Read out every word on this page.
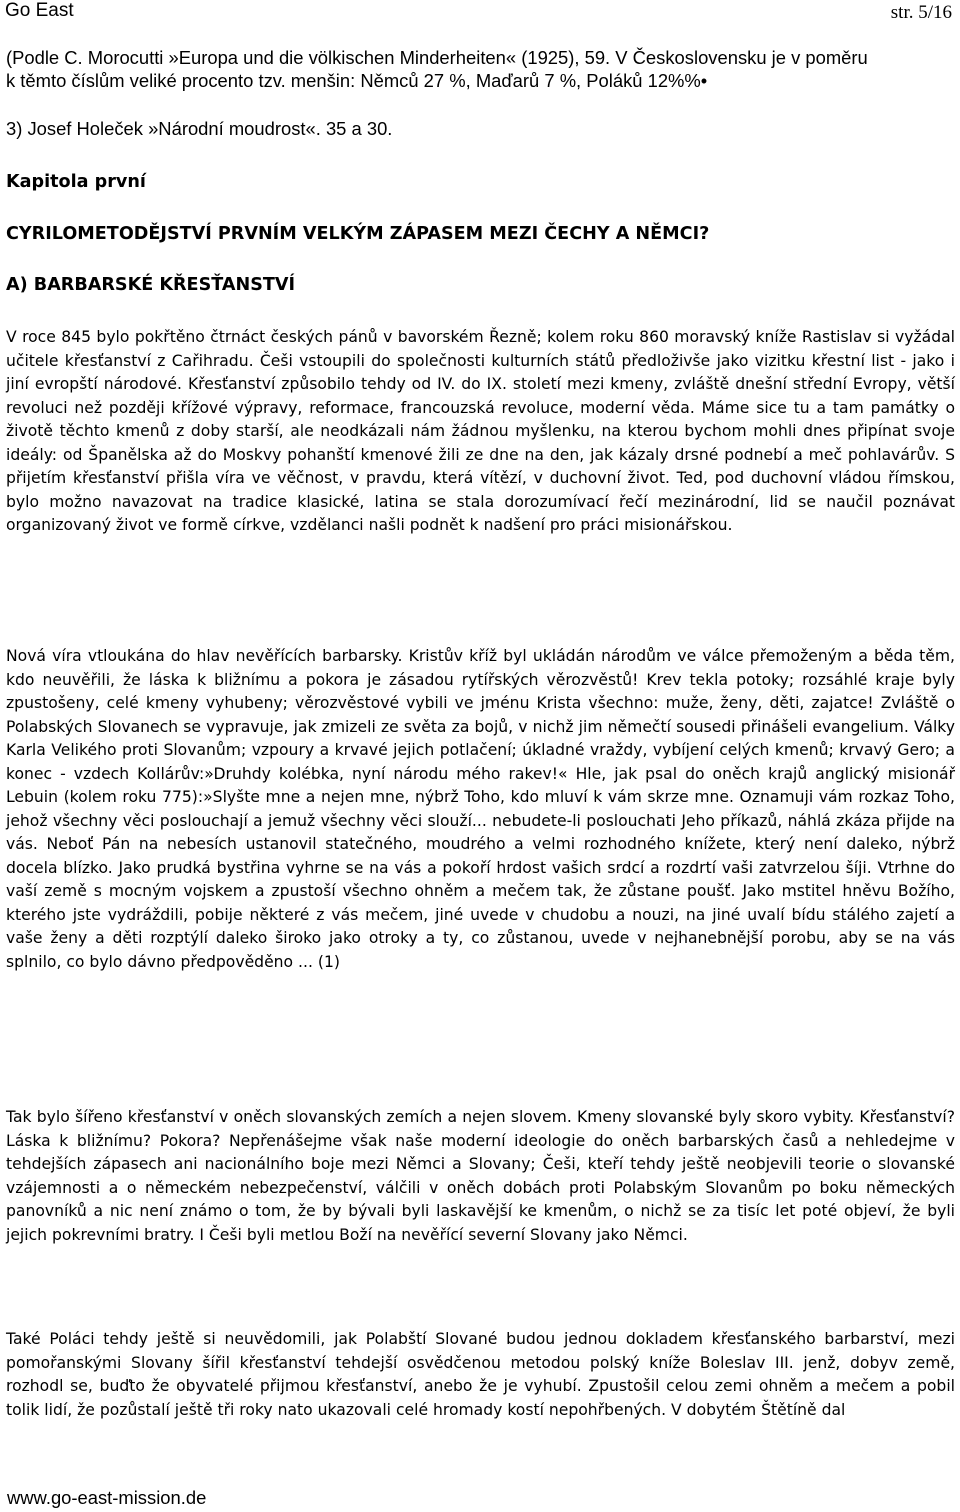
Go East	str. 5/16
(Podle C. Morocutti »Europa und die völkischen Minderheiten« (1925), 59. V Československu je v poměru
k těmto číslům veliké procento tzv. menšin: Němců 27 %, Maďarů 7 %, Poláků 12%%•
3) Josef Holeček »Národní moudrost«. 35 a 30.
Kapitola první
CYRILOMETODĚJSTVÍ PRVNÍM VELKÝM ZÁPASEM MEZI ČECHY A NĚMCI?
A) BARBARSKÉ KŘESŤANSTVÍ

V roce 845 bylo pokřtěno čtrnáct českých pánů v bavorském Řezně; kolem roku 860 moravský kníže Rastislav si vyžádal učitele křesťanství z Cařihradu. Češi vstoupili do společnosti kulturních států předloživše jako vizitku křestní list - jako i jiní evropští národové. Křesťanství způsobilo tehdy od IV. do IX. století mezi kmeny, zvláště dnešní střední Evropy, větší revoluci než později křížové výpravy, reformace, francouzská revoluce, moderní věda. Máme sice tu a tam památky o životě těchto kmenů z doby starší, ale neodkázali nám žádnou myšlenku, na kterou bychom mohli dnes připínat svoje ideály: od Španělska až do Moskvy pohanští kmenové žili ze dne na den, jak kázaly drsné podnebí a meč pohlavárův. S přijetím křesťanství přišla víra ve věčnost, v pravdu, která vítězí, v duchovní život. Ted, pod duchovní vládou římskou, bylo možno navazovat na tradice klasické, latina se stala dorozumívací řečí mezinárodní, lid se naučil poznávat organizovaný život ve formě církve, vzdělanci našli podnět k nadšení pro práci misionářskou.

Nová víra vtloukána do hlav nevěřících barbarsky. Kristův kříž byl ukládán národům ve válce přemoženým a běda těm, kdo neuvěřili, že láska k bližnímu a pokora je zásadou rytířských věrozvěstů! Krev tekla potoky; rozsáhlé kraje byly zpustošeny, celé kmeny vyhubeny; věrozvěstové vybili ve jménu Krista všechno: muže, ženy, děti, zajatce! Zvláště o Polabských Slovanech se vypravuje, jak zmizeli ze světa za bojů, v nichž jim němečtí sousedi přinášeli evangelium. Války Karla Velikého proti Slovanům; vzpoury a krvavé jejich potlačení; úkladné vraždy, vybíjení celých kmenů; krvavý Gero; a konec - vzdech Kollárův:»Druhdy kolébka, nyní národu mého rakev!« Hle, jak psal do oněch krajů anglický misionář Lebuin (kolem roku 775):»Slyšte mne a nejen mne, nýbrž Toho, kdo mluví k vám skrze mne. Oznamuji vám rozkaz Toho, jehož všechny věci poslouchají a jemuž všechny věci slouží... nebudete-li poslouchati Jeho příkazů, náhlá zkáza přijde na vás. Neboť Pán na nebesích ustanovil statečného, moudrého a velmi rozhodného knížete, který není daleko, nýbrž docela blízko. Jako prudká bystřina vyhrne se na vás a pokoří hrdost vašich srdcí a rozdrtí vaši zatvrzelou šíji. Vtrhne do vaší země s mocným vojskem a zpustoší všechno ohněm a mečem tak, že zůstane poušť. Jako mstitel hněvu Božího, kterého jste vydráždili, pobije některé z vás mečem, jiné uvede v chudobu a nouzi, na jiné uvalí bídu stálého zajetí a vaše ženy a děti rozptýlí daleko široko jako otroky a ty, co zůstanou, uvede v nejhanebnější porobu, aby se na vás splnilo, co bylo dávno předpověděno ... (1)

Tak bylo šířeno křesťanství v oněch slovanských zemích a nejen slovem. Kmeny slovanské byly skoro vybity. Křesťanství? Láska k bližnímu? Pokora? Nepřenášejme však naše moderní ideologie do oněch barbarských časů a nehledejme v tehdejších zápasech ani nacionálního boje mezi Němci a Slovany; Češi, kteří tehdy ještě neobjevili teorie o slovanské vzájemnosti a o německém nebezpečenství, válčili v oněch dobách proti Polabským Slovanům po boku německých panovníků a nic není známo o tom, že by bývali byli laskavější ke kmenům, o nichž se za tisíc let poté objeví, že byli jejich pokrevními bratry. I Češi byli metlou Boží na nevěřící severní Slovany jako Němci.

Také Poláci tehdy ještě si neuvědomili, jak Polabští Slované budou jednou dokladem křesťanského barbarství, mezi pomořanskými Slovany šířil křesťanství tehdejší osvědčenou metodou polský kníže Boleslav III. jenž, dobyv země, rozhodl se, buďto že obyvatelé přijmou křesťanství, anebo že je vyhubí. Zpustošil celou zemi ohněm a mečem a pobil tolik lidí, že pozůstalí ještě tři roky nato ukazovali celé hromady kostí nepohřbených. V dobytém Štětíně dal

www.go-east-mission.de
